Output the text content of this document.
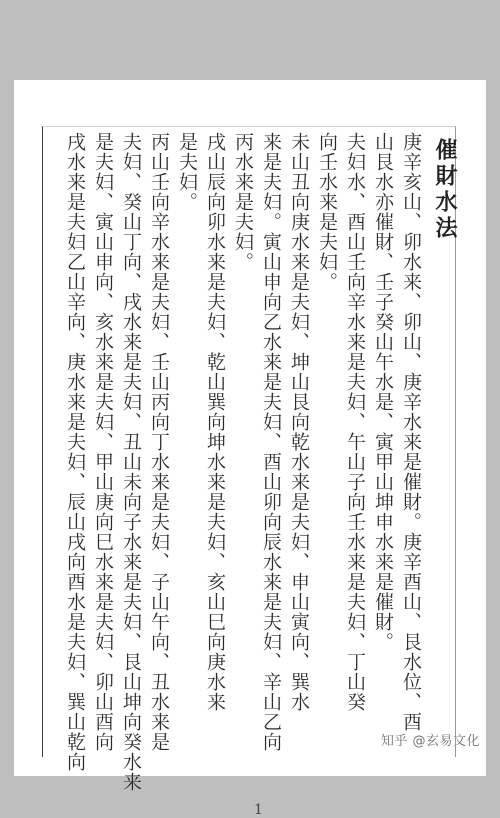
催財水法
庚辛亥山、卯水来、卯山、庚辛水来是催財。庚辛酉山、艮水位、酉
山艮水亦催財、壬子癸山午水是、寅甲山坤申水来是催財。
夫妇水、酉山壬向辛水来是夫妇、午山子向壬水来是夫妇、丁山癸
向壬水来是夫妇。
未山丑向庚水来是夫妇、坤山艮向乾水来是夫妇、申山寅向、巽水
来是夫妇。寅山申向乙水来是夫妇、酉山卯向辰水来是夫妇、辛山乙向
丙水来是夫妇。
戌山辰向卯水来是夫妇、乾山巽向坤水来是夫妇、亥山巳向庚水来
是夫妇。
丙山壬向辛水来是夫妇、壬山丙向丁水来是夫妇、子山午向、丑水来是
夫妇、癸山丁向、戌水来是夫妇、丑山未向子水来是夫妇、艮山坤向癸水来
是夫妇、寅山申向、亥水来是夫妇、甲山庚向巳水来是夫妇、卯山酉向
戌水来是夫妇乙山辛向、庚水来是夫妇、辰山戌向酉水是夫妇、巽山乾向
1
知乎 @玄易文化
